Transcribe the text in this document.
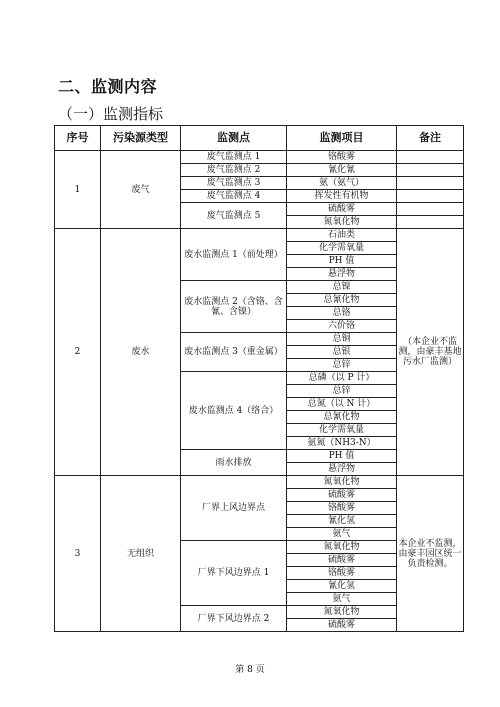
二、监测内容
（一）监测指标
序号	污染源类型	监测点	监测项目	备注
1	废气	废气监测点 1	铬酸雾	
		废气监测点 2	氰化氰	
		废气监测点 3	氨（氨气）	
		废气监测点 4	挥发性有机物	
		废气监测点 5	硫酸雾	
			氮氧化物	
2	废水	废水监测点 1（前处理）	石油类	（本企业不监测，由豪丰基地污水厂监测）
			化学需氧量	
			PH 值	
			悬浮物	
		废水监测点 2（含铬、含氰、含镍）	总镍	
			总氰化物	
			总铬	
			六价铬	
		废水监测点 3（重金属）	总铜	
			总银	
			总锌	
		废水监测点 4（络合）	总磷（以 P 计）	
			总锌	
			总氮（以 N 计）	
			总氰化物	
			化学需氧量	
			氨氮（NH3-N）	
		雨水排放	PH 值	
			悬浮物	
3	无组织	厂界上风边界点	氮氧化物	本企业不监测，由豪丰园区统一负责检测。
			硫酸雾	
			铬酸雾	
			氰化氢	
			氨气	
		厂界下风边界点 1	氮氧化物	
			硫酸雾	
			铬酸雾	
			氰化氢	
			氨气	
		厂界下风边界点 2	氮氧化物	
			硫酸雾	
第 8 页
